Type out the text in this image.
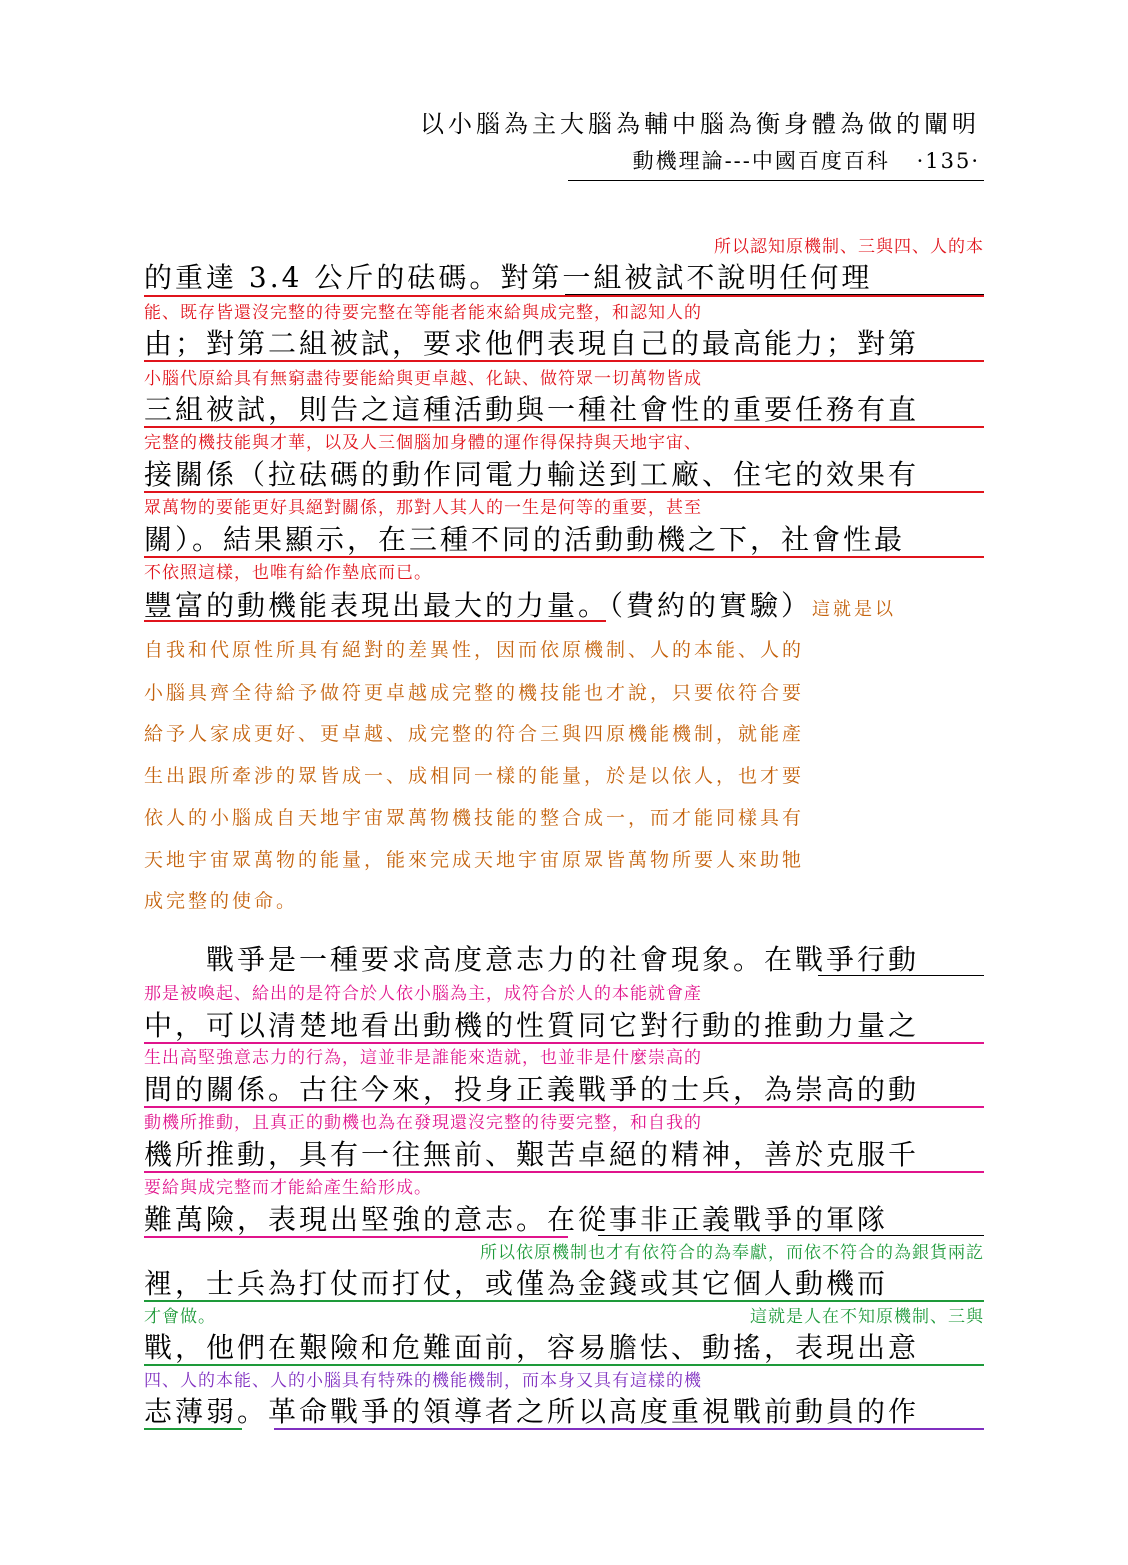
以小腦為主大腦為輔中腦為衡身體為做的闡明
動機理論---中國百度百科 ·135·
所以認知原機制、三與四、人的本
的重達 3.4 公斤的砝碼。對第一組被試不說明任何理
能、既存皆還沒完整的待要完整在等能者能來給與成完整，和認知人的
由；對第二組被試，要求他們表現自己的最高能力；對第
小腦代原給具有無窮盡待要能給與更卓越、化缺、做符眾一切萬物皆成
三組被試，則告之這種活動與一種社會性的重要任務有直
完整的機技能與才華，以及人三個腦加身體的運作得保持與天地宇宙、
接關係（拉砝碼的動作同電力輸送到工廠、住宅的效果有
眾萬物的要能更好具絕對關係，那對人其人的一生是何等的重要，甚至
關）。結果顯示，在三種不同的活動動機之下，社會性最
不依照這樣，也唯有給作墊底而已。
豐富的動機能表現出最大的力量。（費約的實驗）這就是以
自我和代原性所具有絕對的差異性，因而依原機制、人的本能、人的
小腦具齊全待給予做符更卓越成完整的機技能也才說，只要依符合要
給予人家成更好、更卓越、成完整的符合三與四原機能機制，就能產
生出跟所牽涉的眾皆成一、成相同一樣的能量，於是以依人，也才要
依人的小腦成自天地宇宙眾萬物機技能的整合成一，而才能同樣具有
天地宇宙眾萬物的能量，能來完成天地宇宙原眾皆萬物所要人來助牠
成完整的使命。
　　戰爭是一種要求高度意志力的社會現象。在戰爭行動
那是被喚起、給出的是符合於人依小腦為主，成符合於人的本能就會產
中，可以清楚地看出動機的性質同它對行動的推動力量之
生出高堅強意志力的行為，這並非是誰能來造就，也並非是什麼崇高的
間的關係。古往今來，投身正義戰爭的士兵，為崇高的動
動機所推動，且真正的動機也為在發現還沒完整的待要完整，和自我的
機所推動，具有一往無前、艱苦卓絕的精神，善於克服千
要給與成完整而才能給產生給形成。
難萬險，表現出堅強的意志。在從事非正義戰爭的軍隊
所以依原機制也才有依符合的為奉獻，而依不符合的為銀貨兩訖
裡，士兵為打仗而打仗，或僅為金錢或其它個人動機而
才會做。	這就是人在不知原機制、三與
戰，他們在艱險和危難面前，容易膽怯、動搖，表現出意
四、人的本能、人的小腦具有特殊的機能機制，而本身又具有這樣的機
志薄弱。革命戰爭的領導者之所以高度重視戰前動員的作
